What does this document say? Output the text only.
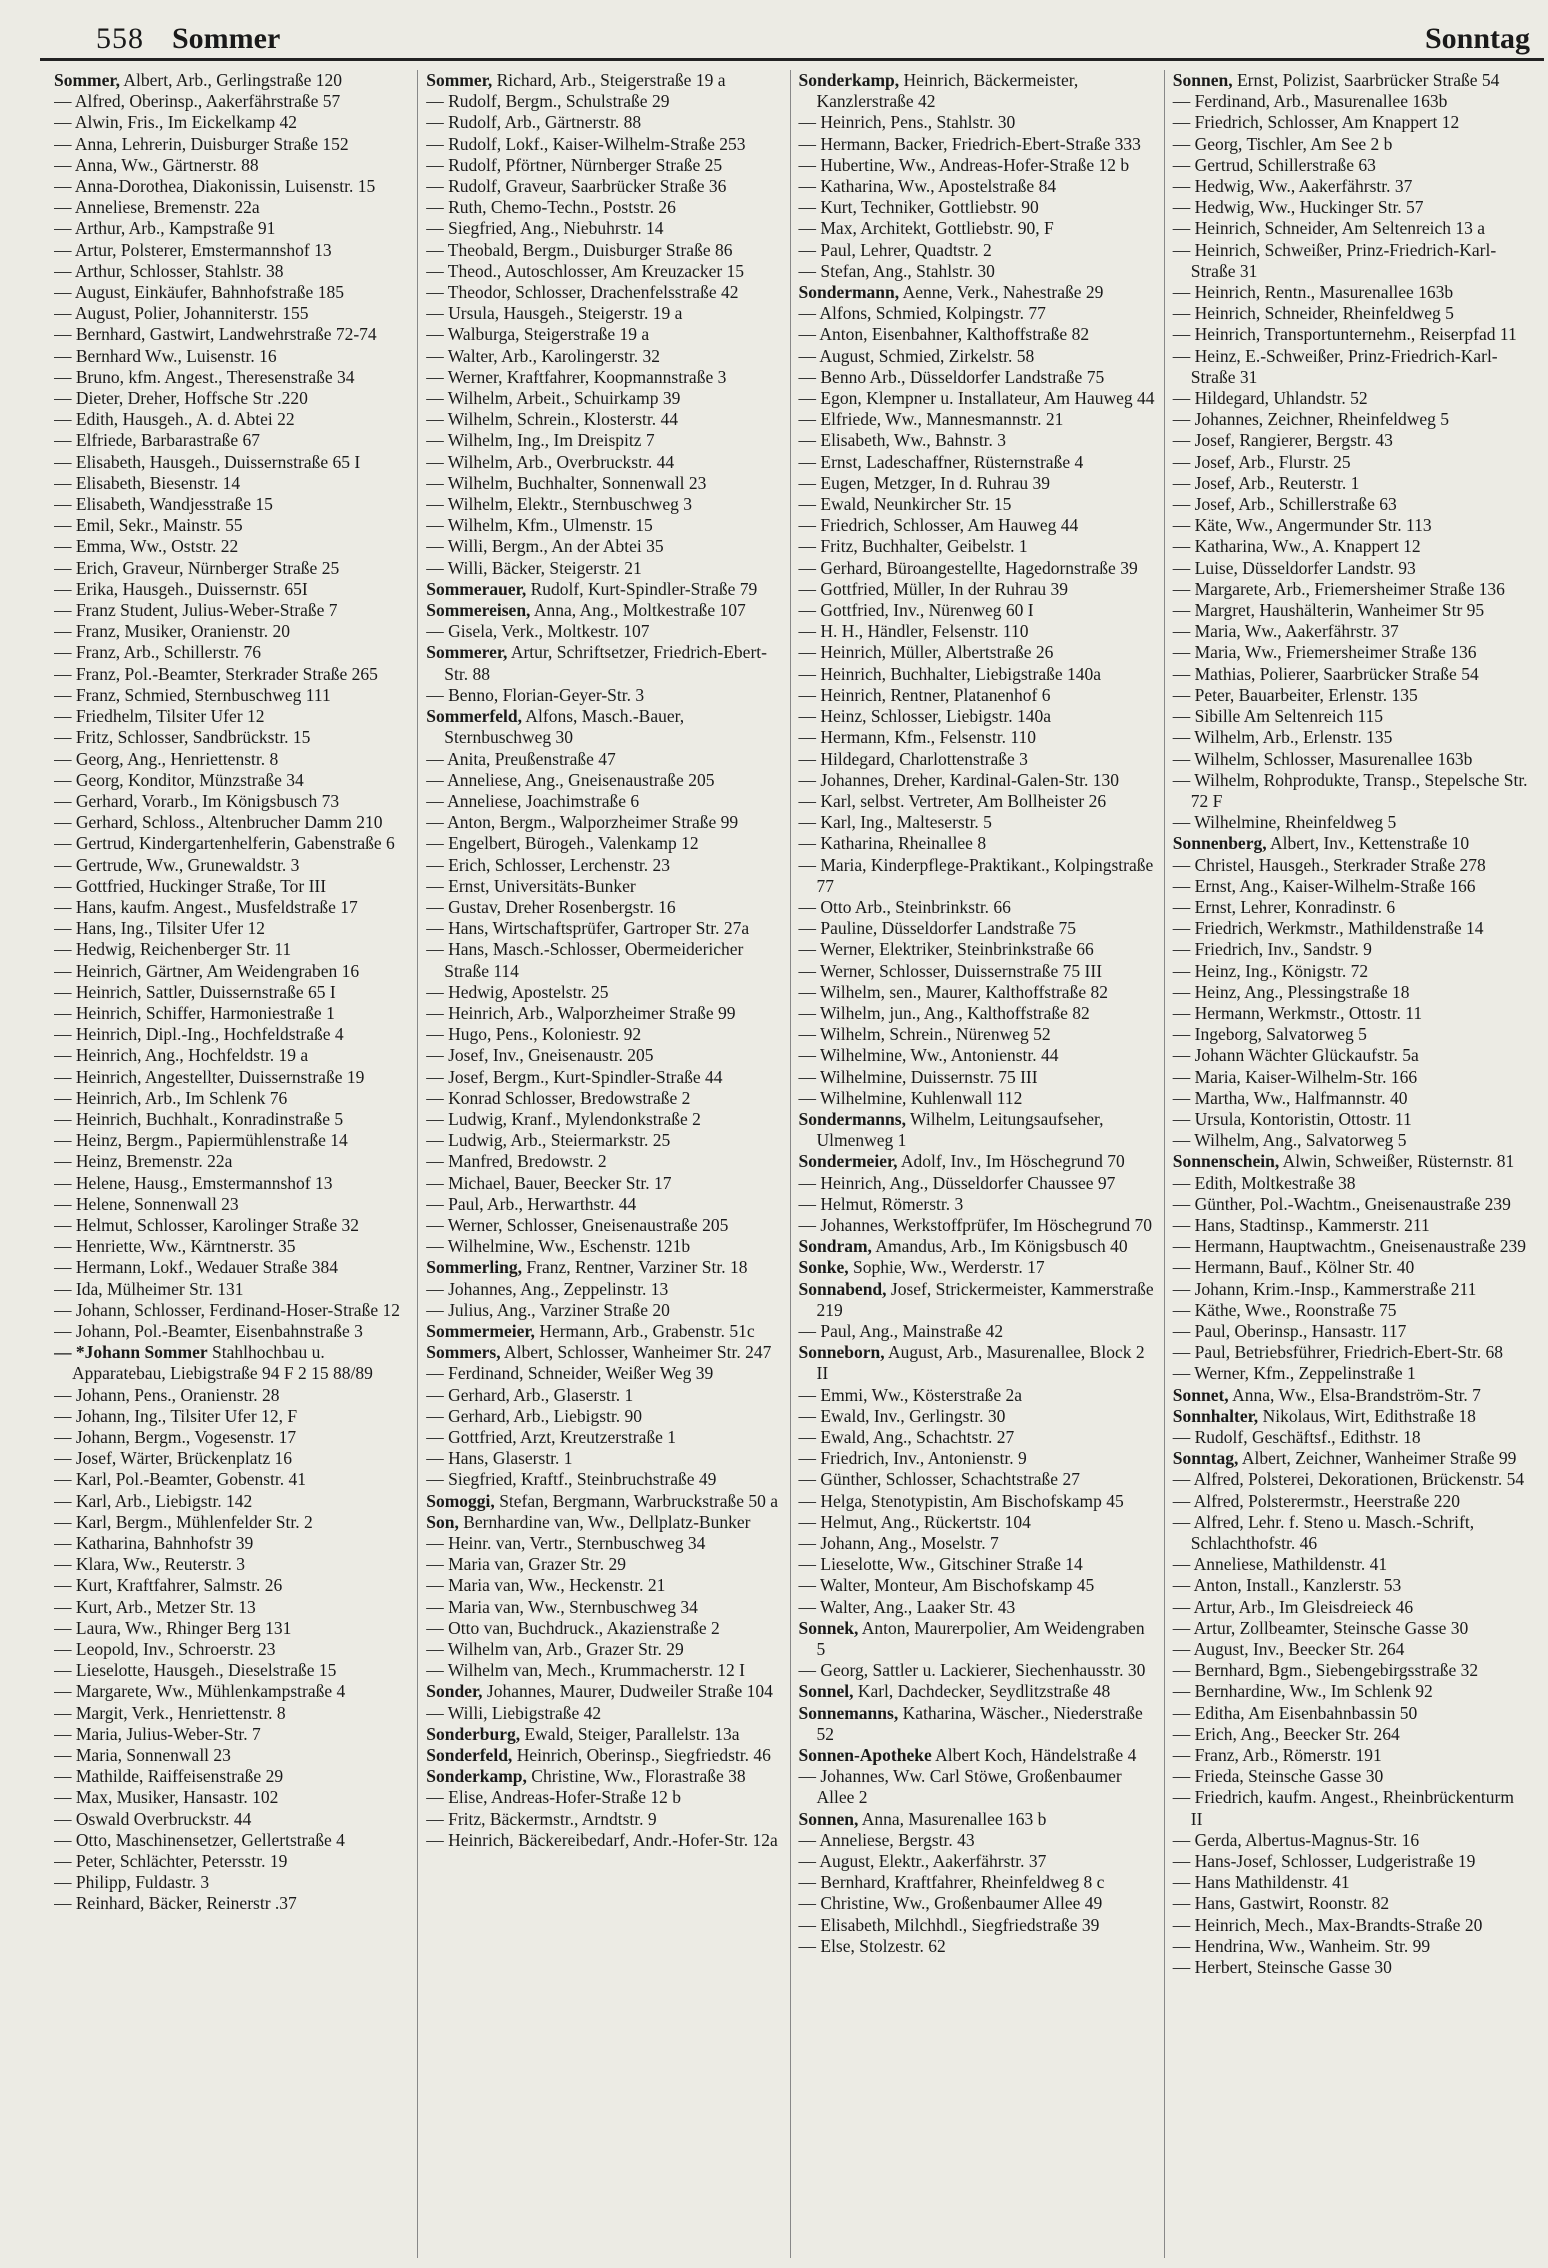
558 Sommer	Sonntag
Sommer, Albert, Arb., Gerlingstraße 120
— Alfred, Oberinsp., Aakerfährstraße 57
— Alwin, Fris., Im Eickelkamp 42
— Anna, Lehrerin, Duisburger Straße 152
— Anna, Ww., Gärtnerstr. 88
— Anna-Dorothea, Diakonissin, Luisenstr. 15
— Anneliese, Bremenstr. 22a
— Arthur, Arb., Kampstraße 91
— Artur, Polsterer, Emstermannshof 13
— Arthur, Schlosser, Stahlstr. 38
— August, Einkäufer, Bahnhofstraße 185
— August, Polier, Johanniterstr. 155
— Bernhard, Gastwirt, Landwehrstraße 72-74
— Bernhard Ww., Luisenstr. 16
— Bruno, kfm. Angest., Theresenstraße 34
— Dieter, Dreher, Hoffsche Str .220
— Edith, Hausgeh., A. d. Abtei 22
— Elfriede, Barbarastraße 67
— Elisabeth, Hausgeh., Duissernstraße 65 I
— Elisabeth, Biesenstr. 14
— Elisabeth, Wandjesstraße 15
— Emil, Sekr., Mainstr. 55
— Emma, Ww., Oststr. 22
— Erich, Graveur, Nürnberger Straße 25
— Erika, Hausgeh., Duissernstr. 65I
— Franz Student, Julius-Weber-Straße 7
— Franz, Musiker, Oranienstr. 20
— Franz, Arb., Schillerstr. 76
— Franz, Pol.-Beamter, Sterkrader Straße 265
— Franz, Schmied, Sternbuschweg 111
— Friedhelm, Tilsiter Ufer 12
— Fritz, Schlosser, Sandbrückstr. 15
— Georg, Ang., Henriettenstr. 8
— Georg, Konditor, Münzstraße 34
— Gerhard, Vorarb., Im Königsbusch 73
— Gerhard, Schloss., Altenbrucher Damm 210
— Gertrud, Kindergartenhelferin, Gabenstraße 6
— Gertrude, Ww., Grunewaldstr. 3
— Gottfried, Huckinger Straße, Tor III
— Hans, kaufm. Angest., Musfeldstraße 17
— Hans, Ing., Tilsiter Ufer 12
— Hedwig, Reichenberger Str. 11
— Heinrich, Gärtner, Am Weidengraben 16
— Heinrich, Sattler, Duissernstraße 65 I
— Heinrich, Schiffer, Harmoniestraße 1
— Heinrich, Dipl.-Ing., Hochfeldstraße 4
— Heinrich, Ang., Hochfeldstr. 19 a
— Heinrich, Angestellter, Duissernstraße 19
— Heinrich, Arb., Im Schlenk 76
— Heinrich, Buchhalt., Konradinstraße 5
— Heinz, Bergm., Papiermühlenstraße 14
— Heinz, Bremenstr. 22a
— Helene, Hausg., Emstermannshof 13
— Helene, Sonnenwall 23
— Helmut, Schlosser, Karolinger Straße 32
— Henriette, Ww., Kärntnerstr. 35
— Hermann, Lokf., Wedauer Straße 384
— Ida, Mülheimer Str. 131
— Johann, Schlosser, Ferdinand-Hoser-Straße 12
— Johann, Pol.-Beamter, Eisenbahnstraße 3
— *Johann Sommer Stahlhochbau u. Apparatebau, Liebigstraße 94 F 2 15 88/89
— Johann, Pens., Oranienstr. 28
— Johann, Ing., Tilsiter Ufer 12, F
— Johann, Bergm., Vogesenstr. 17
— Josef, Wärter, Brückenplatz 16
— Karl, Pol.-Beamter, Gobenstr. 41
— Karl, Arb., Liebigstr. 142
— Karl, Bergm., Mühlenfelder Str. 2
— Katharina, Bahnhofstr 39
— Klara, Ww., Reuterstr. 3
— Kurt, Kraftfahrer, Salmstr. 26
— Kurt, Arb., Metzer Str. 13
— Laura, Ww., Rhinger Berg 131
— Leopold, Inv., Schroerstr. 23
— Lieselotte, Hausgeh., Dieselstraße 15
— Margarete, Ww., Mühlenkampstraße 4
— Margit, Verk., Henriettenstr. 8
— Maria, Julius-Weber-Str. 7
— Maria, Sonnenwall 23
— Mathilde, Raiffeisenstraße 29
— Max, Musiker, Hansastr. 102
— Oswald Overbruckstr. 44
— Otto, Maschinensetzer, Gellertstraße 4
— Peter, Schlächter, Petersstr. 19
— Philipp, Fuldastr. 3
— Reinhard, Bäcker, Reinerstr .37
Sommer, Richard, Arb., Steigerstraße 19 a
— Rudolf, Bergm., Schulstraße 29
— Rudolf, Arb., Gärtnerstr. 88
— Rudolf, Lokf., Kaiser-Wilhelm-Straße 253
— Rudolf, Pförtner, Nürnberger Straße 25
— Rudolf, Graveur, Saarbrücker Straße 36
— Ruth, Chemo-Techn., Poststr. 26
— Siegfried, Ang., Niebuhrstr. 14
— Theobald, Bergm., Duisburger Straße 86
— Theod., Autoschlosser, Am Kreuzacker 15
— Theodor, Schlosser, Drachenfelsstraße 42
— Ursula, Hausgeh., Steigerstr. 19 a
— Walburga, Steigerstraße 19 a
— Walter, Arb., Karolingerstr. 32
— Werner, Kraftfahrer, Koopmannstraße 3
— Wilhelm, Arbeit., Schuirkamp 39
— Wilhelm, Schrein., Klosterstr. 44
— Wilhelm, Ing., Im Dreispitz 7
— Wilhelm, Arb., Overbruckstr. 44
— Wilhelm, Buchhalter, Sonnenwall 23
— Wilhelm, Elektr., Sternbuschweg 3
— Wilhelm, Kfm., Ulmenstr. 15
— Willi, Bergm., An der Abtei 35
— Willi, Bäcker, Steigerstr. 21
Sommerauer, Rudolf, Kurt-Spindler-Straße 79
Sommereisen, Anna, Ang., Moltkestraße 107
— Gisela, Verk., Moltkestr. 107
Sommerer, Artur, Schriftsetzer, Friedrich-Ebert-Str. 88
— Benno, Florian-Geyer-Str. 3
Sommerfeld, Alfons, Masch.-Bauer, Sternbuschweg 30
— Anita, Preußenstraße 47
— Anneliese, Ang., Gneisenaustraße 205
— Anneliese, Joachimstraße 6
— Anton, Bergm., Walporzheimer Straße 99
— Engelbert, Bürogeh., Valenkamp 12
— Erich, Schlosser, Lerchenstr. 23
— Ernst, Universitäts-Bunker
— Gustav, Dreher Rosenbergstr. 16
— Hans, Wirtschaftsprüfer, Gartroper Str. 27a
— Hans, Masch.-Schlosser, Obermeidericher Straße 114
— Hedwig, Apostelstr. 25
— Heinrich, Arb., Walporzheimer Straße 99
— Hugo, Pens., Koloniestr. 92
— Josef, Inv., Gneisenaustr. 205
— Josef, Bergm., Kurt-Spindler-Straße 44
— Konrad Schlosser, Bredowstraße 2
— Ludwig, Kranf., Mylendonkstraße 2
— Ludwig, Arb., Steiermarkstr. 25
— Manfred, Bredowstr. 2
— Michael, Bauer, Beecker Str. 17
— Paul, Arb., Herwarthstr. 44
— Werner, Schlosser, Gneisenaustraße 205
— Wilhelmine, Ww., Eschenstr. 121b
Sommerling, Franz, Rentner, Varziner Str. 18
— Johannes, Ang., Zeppelinstr. 13
— Julius, Ang., Varziner Straße 20
Sommermeier, Hermann, Arb., Grabenstr. 51c
Sommers, Albert, Schlosser, Wanheimer Str. 247
— Ferdinand, Schneider, Weißer Weg 39
— Gerhard, Arb., Glaserstr. 1
— Gerhard, Arb., Liebigstr. 90
— Gottfried, Arzt, Kreutzerstraße 1
— Hans, Glaserstr. 1
— Siegfried, Kraftf., Steinbruchstraße 49
Somoggi, Stefan, Bergmann, Warbruckstraße 50 a
Son, Bernhardine van, Ww., Dellplatz-Bunker
— Heinr. van, Vertr., Sternbuschweg 34
— Maria van, Grazer Str. 29
— Maria van, Ww., Heckenstr. 21
— Maria van, Ww., Sternbuschweg 34
— Otto van, Buchdruck., Akazienstraße 2
— Wilhelm van, Arb., Grazer Str. 29
— Wilhelm van, Mech., Krummacherstr. 12 I
Sonder, Johannes, Maurer, Dudweiler Straße 104
— Willi, Liebigstraße 42
Sonderburg, Ewald, Steiger, Parallelstr. 13a
Sonderfeld, Heinrich, Oberinsp., Siegfriedstr. 46
Sonderkamp, Christine, Ww., Florastraße 38
— Elise, Andreas-Hofer-Straße 12 b
— Fritz, Bäckermstr., Arndtstr. 9
— Heinrich, Bäckereibedarf, Andr.-Hofer-Str. 12a
Sonderkamp, Heinrich, Bäckermeister, Kanzlerstraße 42
— Heinrich, Pens., Stahlstr. 30
— Hermann, Backer, Friedrich-Ebert-Straße 333
— Hubertine, Ww., Andreas-Hofer-Straße 12 b
— Katharina, Ww., Apostelstraße 84
— Kurt, Techniker, Gottliebstr. 90
— Max, Architekt, Gottliebstr. 90, F
— Paul, Lehrer, Quadtstr. 2
— Stefan, Ang., Stahlstr. 30
Sondermann, Aenne, Verk., Nahestraße 29
— Alfons, Schmied, Kolpingstr. 77
— Anton, Eisenbahner, Kalthoffstraße 82
— August, Schmied, Zirkelstr. 58
— Benno Arb., Düsseldorfer Landstraße 75
— Egon, Klempner u. Installateur, Am Hauweg 44
— Elfriede, Ww., Mannesmannstr. 21
— Elisabeth, Ww., Bahnstr. 3
— Ernst, Ladeschaffner, Rüsternstraße 4
— Eugen, Metzger, In d. Ruhrau 39
— Ewald, Neunkircher Str. 15
— Friedrich, Schlosser, Am Hauweg 44
— Fritz, Buchhalter, Geibelstr. 1
— Gerhard, Büroangestellte, Hagedornstraße 39
— Gottfried, Müller, In der Ruhrau 39
— Gottfried, Inv., Nürenweg 60 I
— H. H., Händler, Felsenstr. 110
— Heinrich, Müller, Albertstraße 26
— Heinrich, Buchhalter, Liebigstraße 140a
— Heinrich, Rentner, Platanenhof 6
— Heinz, Schlosser, Liebigstr. 140a
— Hermann, Kfm., Felsenstr. 110
— Hildegard, Charlottenstraße 3
— Johannes, Dreher, Kardinal-Galen-Str. 130
— Karl, selbst. Vertreter, Am Bollheister 26
— Karl, Ing., Malteserstr. 5
— Katharina, Rheinallee 8
— Maria, Kinderpflege-Praktikant., Kolpingstraße 77
— Otto Arb., Steinbrinkstr. 66
— Pauline, Düsseldorfer Landstraße 75
— Werner, Elektriker, Steinbrinkstraße 66
— Werner, Schlosser, Duissernstraße 75 III
— Wilhelm, sen., Maurer, Kalthoffstraße 82
— Wilhelm, jun., Ang., Kalthoffstraße 82
— Wilhelm, Schrein., Nürenweg 52
— Wilhelmine, Ww., Antonienstr. 44
— Wilhelmine, Duissernstr. 75 III
— Wilhelmine, Kuhlenwall 112
Sondermanns, Wilhelm, Leitungsaufseher, Ulmenweg 1
Sondermeier, Adolf, Inv., Im Höschegrund 70
— Heinrich, Ang., Düsseldorfer Chaussee 97
— Helmut, Römerstr. 3
— Johannes, Werkstoffprüfer, Im Höschegrund 70
Sondram, Amandus, Arb., Im Königsbusch 40
Sonke, Sophie, Ww., Werderstr. 17
Sonnabend, Josef, Strickermeister, Kammerstraße 219
— Paul, Ang., Mainstraße 42
Sonneborn, August, Arb., Masurenallee, Block 2 II
— Emmi, Ww., Kösterstraße 2a
— Ewald, Inv., Gerlingstr. 30
— Ewald, Ang., Schachtstr. 27
— Friedrich, Inv., Antonienstr. 9
— Günther, Schlosser, Schachtstraße 27
— Helga, Stenotypistin, Am Bischofskamp 45
— Helmut, Ang., Rückertstr. 104
— Johann, Ang., Moselstr. 7
— Lieselotte, Ww., Gitschiner Straße 14
— Walter, Monteur, Am Bischofskamp 45
— Walter, Ang., Laaker Str. 43
Sonnek, Anton, Maurerpolier, Am Weidengraben 5
— Georg, Sattler u. Lackierer, Siechenhausstr. 30
Sonnel, Karl, Dachdecker, Seydlitzstraße 48
Sonnemanns, Katharina, Wäscher., Niederstraße 52
Sonnen-Apotheke Albert Koch, Händelstraße 4
— Johannes, Ww. Carl Stöwe, Großenbaumer Allee 2
Sonnen, Anna, Masurenallee 163 b
— Anneliese, Bergstr. 43
— August, Elektr., Aakerfährstr. 37
— Bernhard, Kraftfahrer, Rheinfeldweg 8 c
— Christine, Ww., Großenbaumer Allee 49
— Elisabeth, Milchhdl., Siegfriedstraße 39
— Else, Stolzestr. 62
Sonnen, Ernst, Polizist, Saarbrücker Straße 54
— Ferdinand, Arb., Masurenallee 163b
— Friedrich, Schlosser, Am Knappert 12
— Georg, Tischler, Am See 2 b
— Gertrud, Schillerstraße 63
— Hedwig, Ww., Aakerfährstr. 37
— Hedwig, Ww., Huckinger Str. 57
— Heinrich, Schneider, Am Seltenreich 13 a
— Heinrich, Schweißer, Prinz-Friedrich-Karl-Straße 31
— Heinrich, Rentn., Masurenallee 163b
— Heinrich, Schneider, Rheinfeldweg 5
— Heinrich, Transportunternehm., Reiserpfad 11
— Heinz, E.-Schweißer, Prinz-Friedrich-Karl-Straße 31
— Hildegard, Uhlandstr. 52
— Johannes, Zeichner, Rheinfeldweg 5
— Josef, Rangierer, Bergstr. 43
— Josef, Arb., Flurstr. 25
— Josef, Arb., Reuterstr. 1
— Josef, Arb., Schillerstraße 63
— Käte, Ww., Angermunder Str. 113
— Katharina, Ww., A. Knappert 12
— Luise, Düsseldorfer Landstr. 93
— Margarete, Arb., Friemersheimer Straße 136
— Margret, Haushälterin, Wanheimer Str 95
— Maria, Ww., Aakerfährstr. 37
— Maria, Ww., Friemersheimer Straße 136
— Mathias, Polierer, Saarbrücker Straße 54
— Peter, Bauarbeiter, Erlenstr. 135
— Sibille Am Seltenreich 115
— Wilhelm, Arb., Erlenstr. 135
— Wilhelm, Schlosser, Masurenallee 163b
— Wilhelm, Rohprodukte, Transp., Stepelsche Str. 72 F
— Wilhelmine, Rheinfeldweg 5
Sonnenberg, Albert, Inv., Kettenstraße 10
— Christel, Hausgeh., Sterkrader Straße 278
— Ernst, Ang., Kaiser-Wilhelm-Straße 166
— Ernst, Lehrer, Konradinstr. 6
— Friedrich, Werkmstr., Mathildenstraße 14
— Friedrich, Inv., Sandstr. 9
— Heinz, Ing., Königstr. 72
— Heinz, Ang., Plessingstraße 18
— Hermann, Werkmstr., Ottostr. 11
— Ingeborg, Salvatorweg 5
— Johann Wächter Glückaufstr. 5a
— Maria, Kaiser-Wilhelm-Str. 166
— Martha, Ww., Halfmannstr. 40
— Ursula, Kontoristin, Ottostr. 11
— Wilhelm, Ang., Salvatorweg 5
Sonnenschein, Alwin, Schweißer, Rüsternstr. 81
— Edith, Moltkestraße 38
— Günther, Pol.-Wachtm., Gneisenaustraße 239
— Hans, Stadtinsp., Kammerstr. 211
— Hermann, Hauptwachtm., Gneisenaustraße 239
— Hermann, Bauf., Kölner Str. 40
— Johann, Krim.-Insp., Kammerstraße 211
— Käthe, Wwe., Roonstraße 75
— Paul, Oberinsp., Hansastr. 117
— Paul, Betriebsführer, Friedrich-Ebert-Str. 68
— Werner, Kfm., Zeppelinstraße 1
Sonnet, Anna, Ww., Elsa-Brandström-Str. 7
Sonnhalter, Nikolaus, Wirt, Edithstraße 18
— Rudolf, Geschäftsf., Edithstr. 18
Sonntag, Albert, Zeichner, Wanheimer Straße 99
— Alfred, Polsterei, Dekorationen, Brückenstr. 54
— Alfred, Polsterermstr., Heerstraße 220
— Alfred, Lehr. f. Steno u. Masch.-Schrift, Schlachthofstr. 46
— Anneliese, Mathildenstr. 41
— Anton, Install., Kanzlerstr. 53
— Artur, Arb., Im Gleisdreieck 46
— Artur, Zollbeamter, Steinsche Gasse 30
— August, Inv., Beecker Str. 264
— Bernhard, Bgm., Siebengebirgsstraße 32
— Bernhardine, Ww., Im Schlenk 92
— Editha, Am Eisenbahnbassin 50
— Erich, Ang., Beecker Str. 264
— Franz, Arb., Römerstr. 191
— Frieda, Steinsche Gasse 30
— Friedrich, kaufm. Angest., Rheinbrückenturm II
— Gerda, Albertus-Magnus-Str. 16
— Hans-Josef, Schlosser, Ludgeristraße 19
— Hans Mathildenstr. 41
— Hans, Gastwirt, Roonstr. 82
— Heinrich, Mech., Max-Brandts-Straße 20
— Hendrina, Ww., Wanheim. Str. 99
— Herbert, Steinsche Gasse 30
